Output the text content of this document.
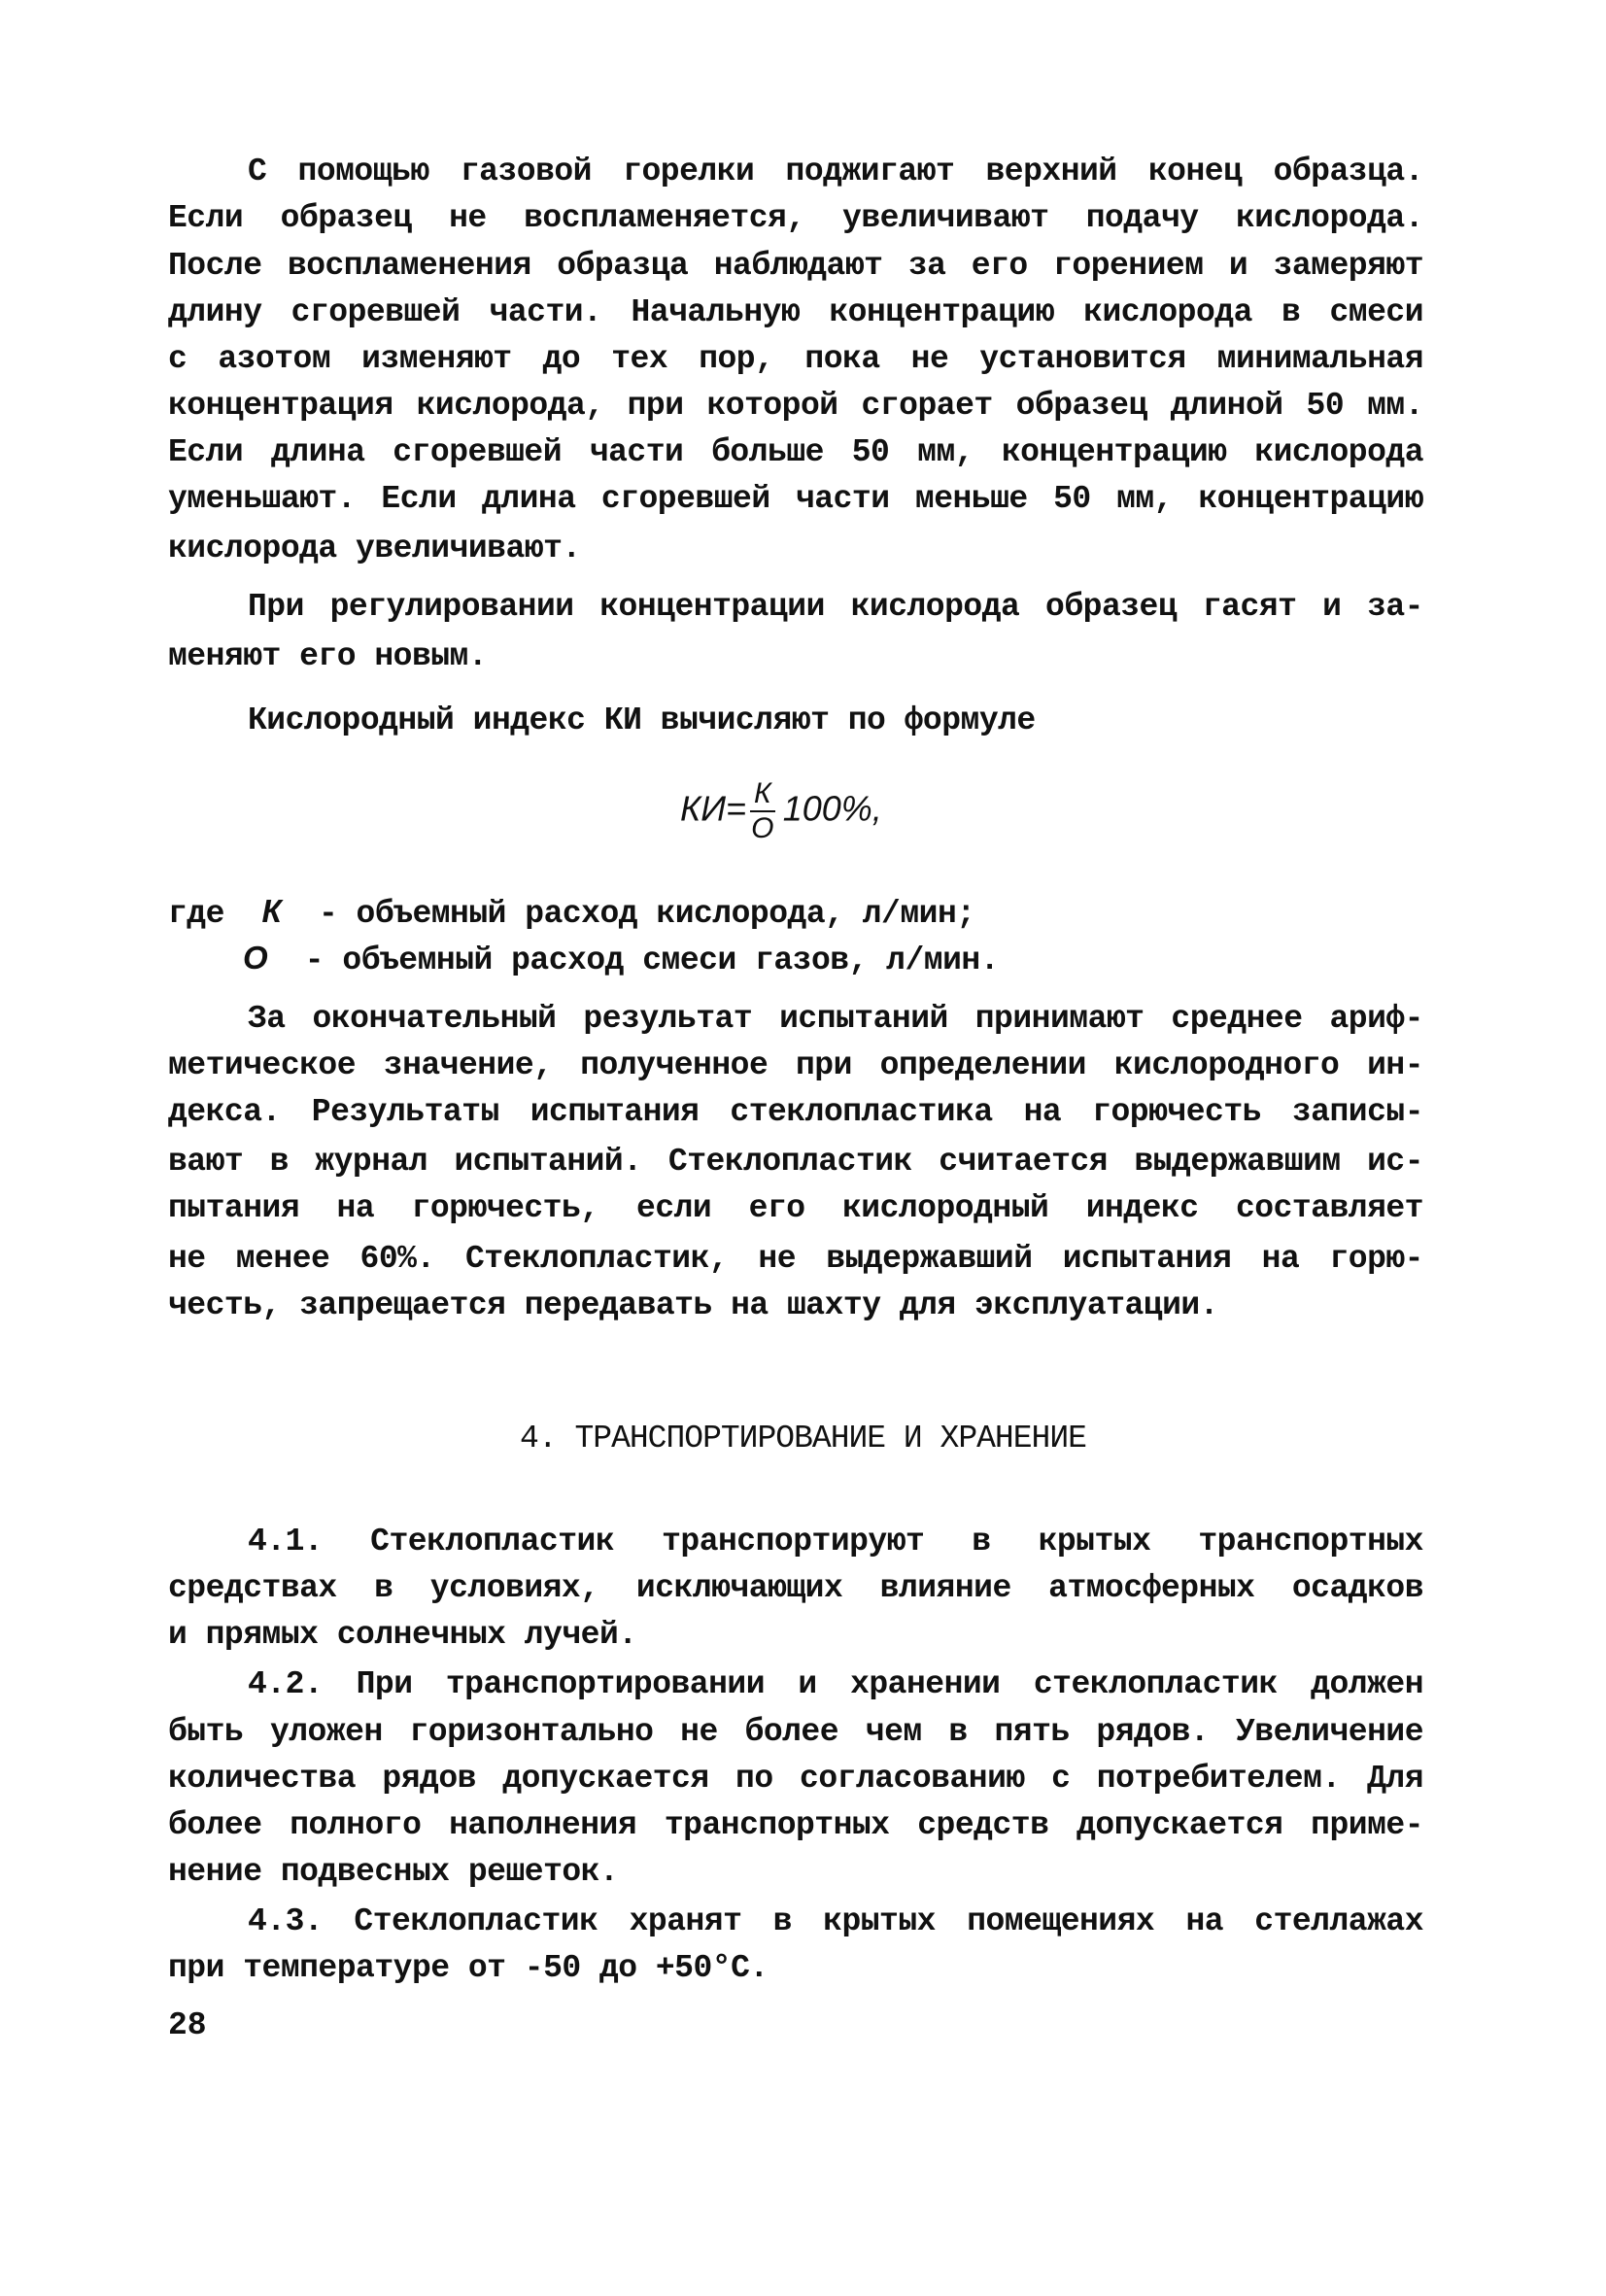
С помощью газовой горелки поджигают верхний конец образца.
Если образец не воспламеняется, увеличивают подачу кислорода.
После воспламенения образца наблюдают за его горением и замеряют
длину сгоревшей части. Начальную концентрацию кислорода в смеси
с азотом изменяют до тех пор, пока не установится минимальная
концентрация кислорода, при которой сгорает образец длиной 50 мм.
Если длина сгоревшей части больше 50 мм, концентрацию кислорода
уменьшают. Если длина сгоревшей части меньше 50 мм, концентрацию
кислорода увеличивают.
При регулировании концентрации кислорода образец гасят и за-
меняют его новым.
Кислородный индекс КИ вычисляют по формуле
За окончательный результат испытаний принимают среднее ариф-
метическое значение, полученное при определении кислородного ин-
декса. Результаты испытания стеклопластика на горючесть записы-
вают в журнал испытаний. Стеклопластик считается выдержавшим ис-
пытания на горючесть, если его кислородный индекс составляет
не менее 60%. Стеклопластик, не выдержавший испытания на горю-
честь, запрещается передавать на шахту для эксплуатации.
4.1. Стеклопластик транспортируют в крытых транспортных
средствах в условиях, исключающих влияние атмосферных осадков
и прямых солнечных лучей.
4.2. При транспортировании и хранении стеклопластик должен
быть уложен горизонтально не более чем в пять рядов. Увеличение
количества рядов допускается по согласованию с потребителем. Для
более полного наполнения транспортных средств допускается приме-
нение подвесных решеток.
4.3. Стеклопластик хранят в крытых помещениях на стеллажах
при температуре от -50 до +50°С.
$КИ= \frac{К}{О} 100\%$,
где К - объемный расход кислорода, л/мин;
О - объемный расход смеси газов, л/мин.
4. ТРАНСПОРТИРОВАНИЕ И ХРАНЕНИЕ
28
